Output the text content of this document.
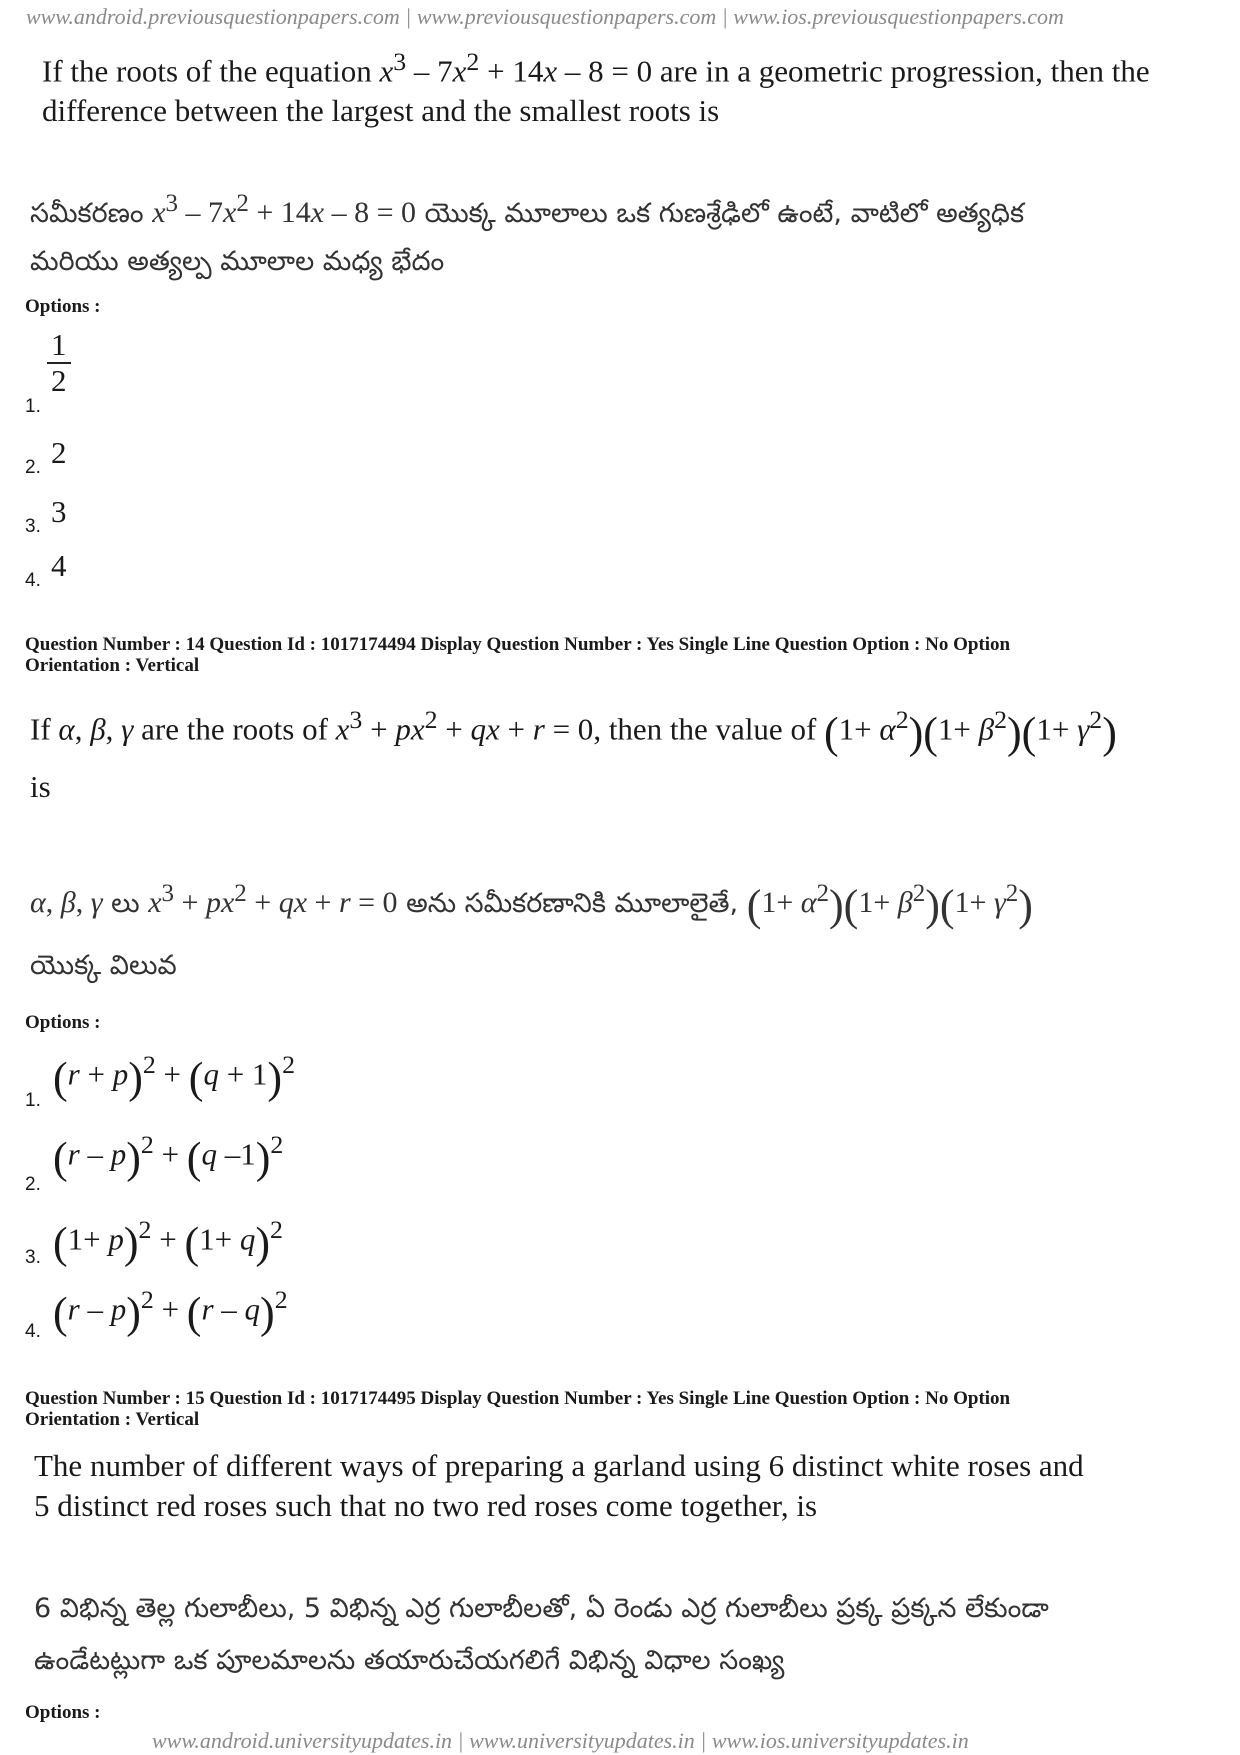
www.android.previousquestionpapers.com | www.previousquestionpapers.com | www.ios.previousquestionpapers.com
If the roots of the equation $x^3 - 7x^2 + 14x - 8 = 0$ are in a geometric progression, then the
difference between the largest and the smallest roots is
సమీకరణం $x^3 - 7x^2 + 14x - 8 = 0$ యొక్క మూలాలు ఒక గుణశ్రేఢిలో ఉంటే, వాటిలో అత్యధిక
మరియు అత్యల్ప మూలాల మధ్య భేదం
Options :
1.
$\frac{1}{2}$
2. 2
3. 3
4. 4
Question Number : 14 Question Id : 1017174494 Display Question Number : Yes Single Line Question Option : No Option
Orientation : Vertical
If α, β, γ are the roots of $x^3 + px^2$ + qx + r = 0, then the value of $(1+ \alpha^2)(1+ \beta^2)(1+ \gamma^2)$
is
α, β, γ లు $x^3 + px^2$ + qx + r = 0 అను సమీకరణానికి మూలాలైతే, $(1+ \alpha^2)(1+ \beta^2)(1+ \gamma^2)$
యొక్క విలువ
Options :
1. $(r + p)^2 + (q + 1)^2$
2.
(r – p)$^2$ + (q –1)$^2$
3. $(1+ p)^2 + (1+ q)^2$
4. (r – p)$^2$ + (r – q)$^2$
Question Number : 15 Question Id : 1017174495 Display Question Number : Yes Single Line Question Option : No Option
Orientation : Vertical
The number of different ways of preparing a garland using 6 distinct white roses and
5 distinct red roses such that no two red roses come together, is
6 విభిన్న తెల్ల గులాబీలు, 5 విభిన్న ఎర్ర గులాబీలతో, ఏ రెండు ఎర్ర గులాబీలు ప్రక్క ప్రక్కన లేకుండా
ఉండేటట్లుగా ఒక పూలమాలను తయారుచేయగలిగే విభిన్న విధాల సంఖ్య
Options :
www.android.universityupdates.in | www.universityupdates.in | www.ios.universityupdates.in
